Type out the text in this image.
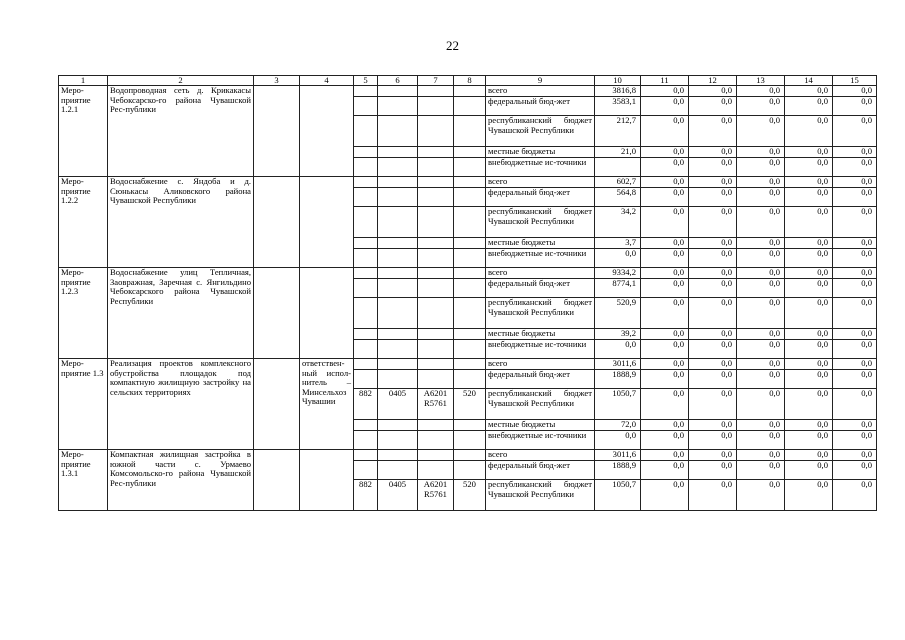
22
1	2	3	4	5	6	7	8	9	10	11	12	13	14	15
Меро-приятие 1.2.1	Водопроводная сеть д. Крикакасы Чебоксарско-го района Чувашской Рес-публики							всего	3816,8	0,0	0,0	0,0	0,0	0,0
								федеральный бюд-жет	3583,1	0,0	0,0	0,0	0,0	0,0
								республиканский бюджет Чувашской Республики	212,7	0,0	0,0	0,0	0,0	0,0
								местные бюджеты	21,0	0,0	0,0	0,0	0,0	0,0
								внебюджетные ис-точники		0,0	0,0	0,0	0,0	0,0
Меро-приятие 1.2.2	Водоснабжение с. Яндоба и д. Сюнькасы Аликовского района Чувашской Республики							всего	602,7	0,0	0,0	0,0	0,0	0,0
								федеральный бюд-жет	564,8	0,0	0,0	0,0	0,0	0,0
								республиканский бюджет Чувашской Республики	34,2	0,0	0,0	0,0	0,0	0,0
								местные бюджеты	3,7	0,0	0,0	0,0	0,0	0,0
								внебюджетные ис-точники	0,0	0,0	0,0	0,0	0,0	0,0
Меро-приятие 1.2.3	Водоснабжение улиц Тепличная, Заовражная, Заречная с. Янгильдино Чебоксарского района Чувашской Республики							всего	9334,2	0,0	0,0	0,0	0,0	0,0
								федеральный бюд-жет	8774,1	0,0	0,0	0,0	0,0	0,0
								республиканский бюджет Чувашской Республики	520,9	0,0	0,0	0,0	0,0	0,0
								местные бюджеты	39,2	0,0	0,0	0,0	0,0	0,0
								внебюджетные ис-точники	0,0	0,0	0,0	0,0	0,0	0,0
Меро-приятие 1.3	Реализация проектов комплексного обустройства площадок под компактную жилищную застройку на сельских территориях		ответствен-ный испол-нитель – Минсельхоз Чувашии					всего	3011,6	0,0	0,0	0,0	0,0	0,0
								федеральный бюд-жет	1888,9	0,0	0,0	0,0	0,0	0,0
				882	0405	А6201 R5761	520	республиканский бюджет Чувашской Республики	1050,7	0,0	0,0	0,0	0,0	0,0
								местные бюджеты	72,0	0,0	0,0	0,0	0,0	0,0
								внебюджетные ис-точники	0,0	0,0	0,0	0,0	0,0	0,0
Меро-приятие 1.3.1	Компактная жилищная застройка в южной части с. Урмаево Комсомольско-го района Чувашской Рес-публики							всего	3011,6	0,0	0,0	0,0	0,0	0,0
								федеральный бюд-жет	1888,9	0,0	0,0	0,0	0,0	0,0
				882	0405	А6201 R5761	520	республиканский бюджет Чувашской Республики	1050,7	0,0	0,0	0,0	0,0	0,0
